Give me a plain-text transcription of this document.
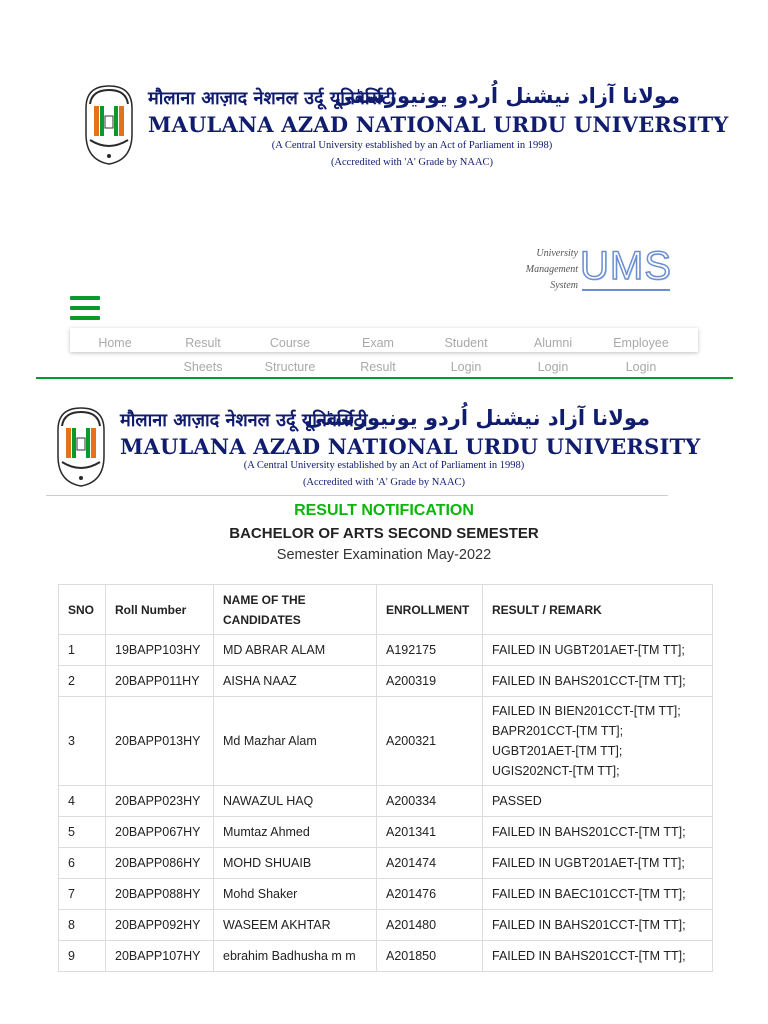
मौलाना आज़ाद नेशनल उर्दू यूनिवर्सिटी
مولانا آزاد نیشنل اُردو یونیورسٹی
MAULANA AZAD NATIONAL URDU UNIVERSITY
(A Central University established by an Act of Parliament in 1998)
(Accredited with 'A' Grade by NAAC)
University
Management
System UMS
Home	Result
Sheets
Course
Structure
Exam
Result
Student
Login
Alumni
Login
Employee
Login
मौलाना आज़ाद नेशनल उर्दू यूनिवर्सिटी
مولانا آزاد نیشنل اُردو یونیورسٹی
MAULANA AZAD NATIONAL URDU UNIVERSITY
(A Central University established by an Act of Parliament in 1998)
(Accredited with 'A' Grade by NAAC)
RESULT NOTIFICATION
BACHELOR OF ARTS SECOND SEMESTER
Semester Examination May-2022
SNO	Roll Number	NAME OF THE CANDIDATES	ENROLLMENT	RESULT / REMARK
1	19BAPP103HY	MD ABRAR ALAM	A192175	FAILED IN UGBT201AET-[TM TT];
2	20BAPP011HY	AISHA NAAZ	A200319	FAILED IN BAHS201CCT-[TM TT];
3	20BAPP013HY	Md Mazhar Alam	A200321	FAILED IN BIEN201CCT-[TM TT]; BAPR201CCT-[TM TT]; UGBT201AET-[TM TT]; UGIS202NCT-[TM TT];
4	20BAPP023HY	NAWAZUL HAQ	A200334	PASSED
5	20BAPP067HY	Mumtaz Ahmed	A201341	FAILED IN BAHS201CCT-[TM TT];
6	20BAPP086HY	MOHD SHUAIB	A201474	FAILED IN UGBT201AET-[TM TT];
7	20BAPP088HY	Mohd Shaker	A201476	FAILED IN BAEC101CCT-[TM TT];
8	20BAPP092HY	WASEEM AKHTAR	A201480	FAILED IN BAHS201CCT-[TM TT];
9	20BAPP107HY	ebrahim Badhusha m m	A201850	FAILED IN BAHS201CCT-[TM TT];
